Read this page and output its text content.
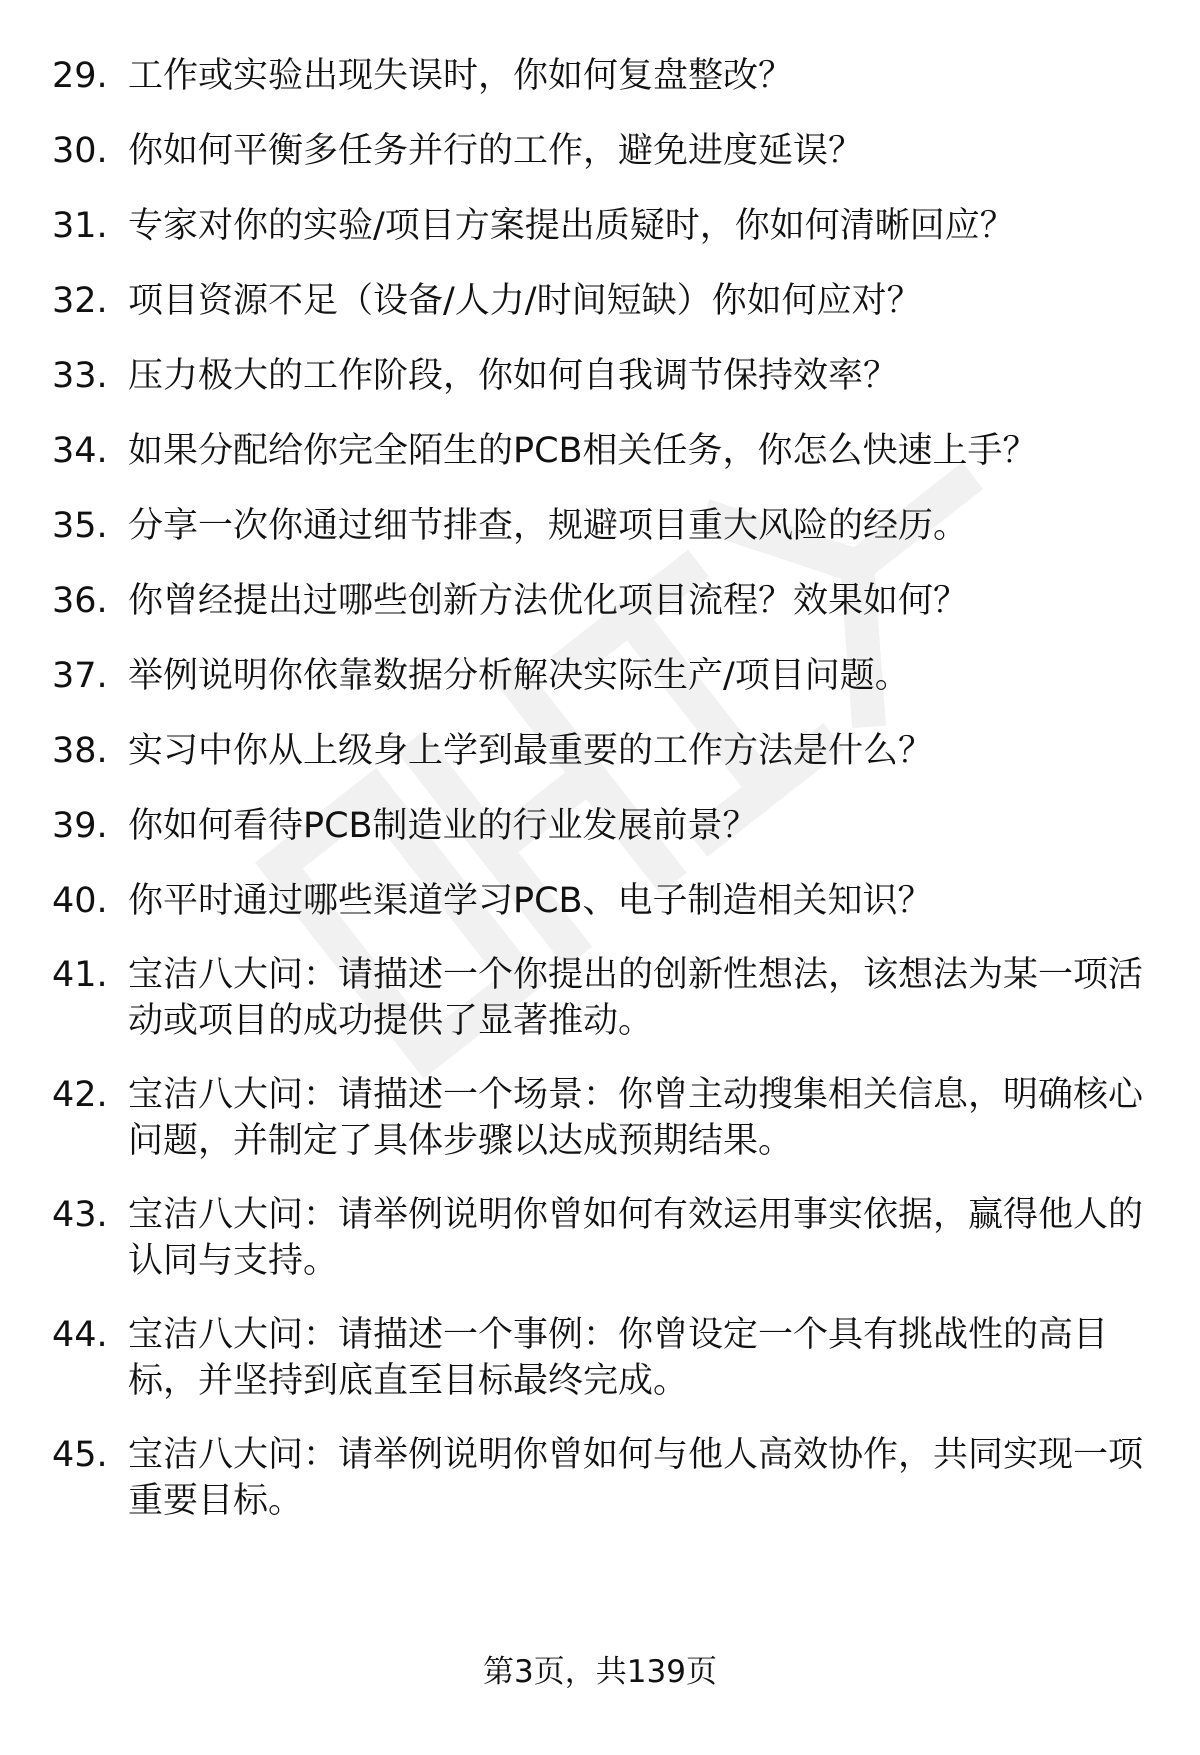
29. 工作或实验出现失误时，你如何复盘整改？
30. 你如何平衡多任务并行的工作，避免进度延误？
31. 专家对你的实验/项目方案提出质疑时，你如何清晰回应？
32. 项目资源不足（设备/人力/时间短缺）你如何应对？
33. 压力极大的工作阶段，你如何自我调节保持效率？
34. 如果分配给你完全陌生的PCB相关任务，你怎么快速上手？
35. 分享一次你通过细节排查，规避项目重大风险的经历。
36. 你曾经提出过哪些创新方法优化项目流程？效果如何？
37. 举例说明你依靠数据分析解决实际生产/项目问题。
38. 实习中你从上级身上学到最重要的工作方法是什么？
39. 你如何看待PCB制造业的行业发展前景？
40. 你平时通过哪些渠道学习PCB、电子制造相关知识？
41. 宝洁八大问：请描述一个你提出的创新性想法，该想法为某一项活动或项目的成功提供了显著推动。
42. 宝洁八大问：请描述一个场景：你曾主动搜集相关信息，明确核心问题，并制定了具体步骤以达成预期结果。
43. 宝洁八大问：请举例说明你曾如何有效运用事实依据，赢得他人的认同与支持。
44. 宝洁八大问：请描述一个事例：你曾设定一个具有挑战性的高目标，并坚持到底直至目标最终完成。
45. 宝洁八大问：请举例说明你曾如何与他人高效协作，共同实现一项重要目标。
第3页，共139页
